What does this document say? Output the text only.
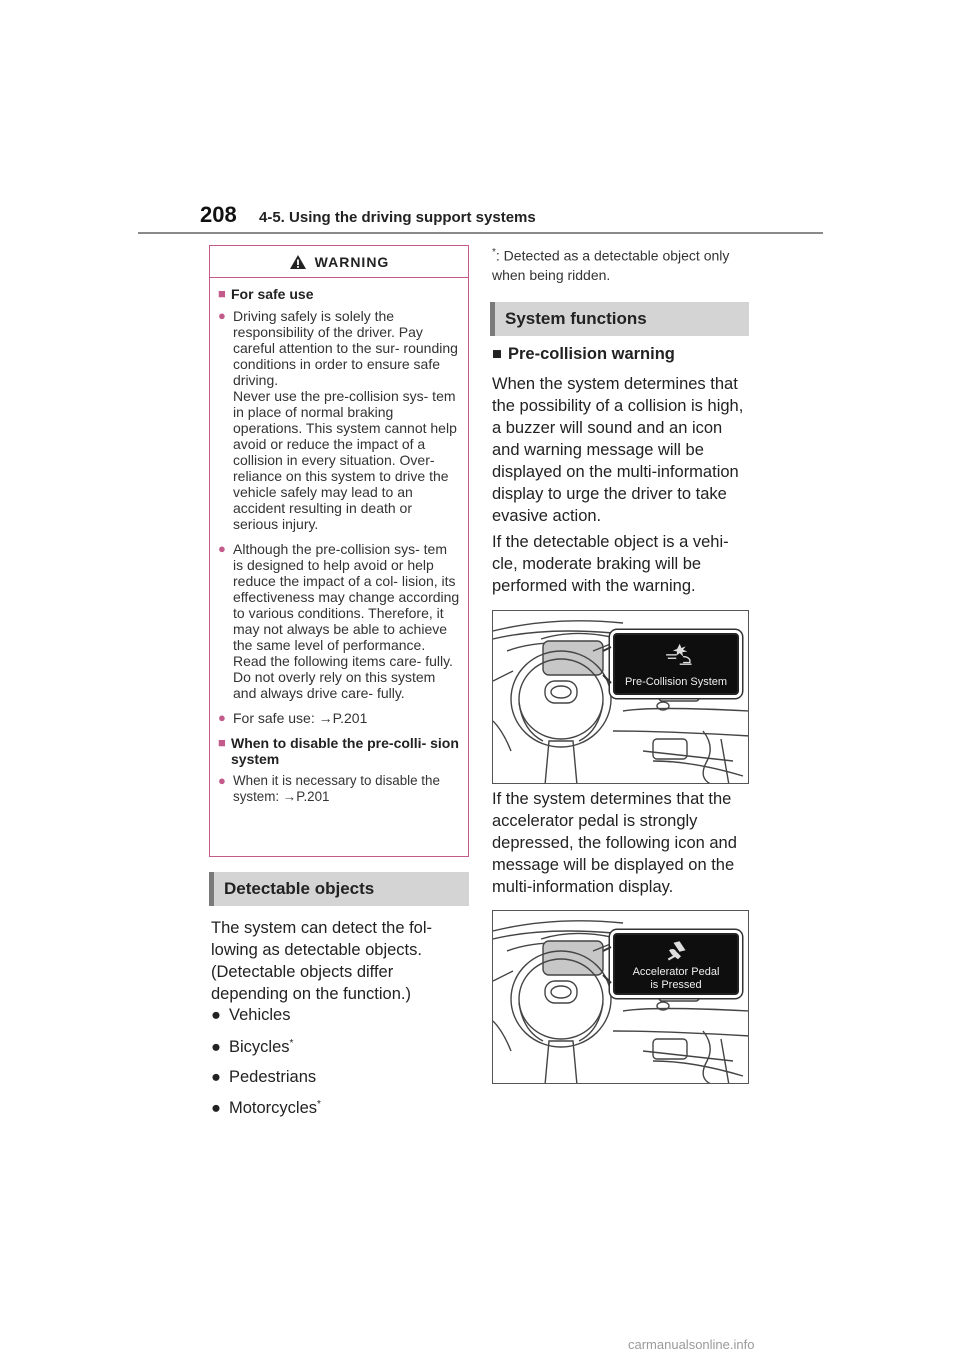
208 4-5. Using the driving support systems
WARNING
■ For safe use
● Driving safely is solely the responsibility of the driver. Pay careful attention to the sur- rounding conditions in order to ensure safe driving.

Never use the pre-collision sys- tem in place of normal braking operations. This system cannot help avoid or reduce the impact of a collision in every situation. Over-reliance on this system to drive the vehicle safely may lead to an accident resulting in death or serious injury.

● Although the pre-collision sys- tem is designed to help avoid or help reduce the impact of a col- lision, its effectiveness may change according to various conditions. Therefore, it may not always be able to achieve the same level of performance. Read the following items care- fully. Do not overly rely on this system and always drive care- fully.

● For safe use: →P.201

■ When to disable the pre-colli- sion system
● When it is necessary to disable the system: →P.201

Detectable objects
The system can detect the fol- lowing as detectable objects. (Detectable objects differ depending on the function.)
● Vehicles
● Bicycles *
● Pedestrians
● Motorcycles *
*: Detected as a detectable object only when being ridden.
System functions
■ Pre-collision warning
When the system determines that the possibility of a collision is high, a buzzer will sound and an icon and warning message will be displayed on the multi-information display to urge the driver to take evasive action.
If the detectable object is a vehi- cle, moderate braking will be performed with the warning.
Pre-Collision System
If the system determines that the accelerator pedal is strongly depressed, the following icon and message will be displayed on the multi-information display.
Accelerator Pedal
is Pressed
carmanualsonline.info
